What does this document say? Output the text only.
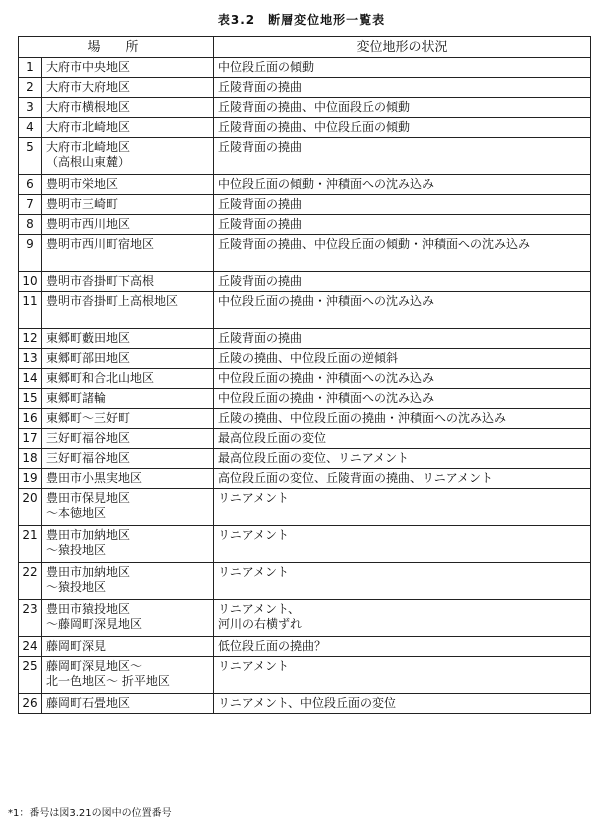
表3.2　断層変位地形一覧表
場　所		変位地形の状況
1	大府市中央地区	中位段丘面の傾動

2	大府市大府地区	丘陵背面の撓曲

3	大府市横根地区	丘陵背面の撓曲、中位面段丘の傾動

4	大府市北崎地区	丘陵背面の撓曲、中位段丘面の傾動

5	大府市北崎地区
（高根山東麓）	丘陵背面の撓曲

6	豊明市栄地区	中位段丘面の傾動・沖積面への沈み込み

7	豊明市三崎町	丘陵背面の撓曲

8	豊明市西川地区	丘陵背面の撓曲

9	豊明市西川町宿地区	丘陵背面の撓曲、中位段丘面の傾動・沖積面への沈み込み

10	豊明市沓掛町下高根	丘陵背面の撓曲

11	豊明市沓掛町上高根地区	中位段丘面の撓曲・沖積面への沈み込み

12	東郷町藪田地区	丘陵背面の撓曲

13	東郷町部田地区	丘陵の撓曲、中位段丘面の逆傾斜

14	東郷町和合北山地区	中位段丘面の撓曲・沖積面への沈み込み

15	東郷町諸輪	中位段丘面の撓曲・沖積面への沈み込み

16	東郷町～三好町	丘陵の撓曲、中位段丘面の撓曲・沖積面への沈み込み

17	三好町福谷地区	最高位段丘面の変位

18	三好町福谷地区	最高位段丘面の変位、リニアメント

19	豊田市小黒実地区	高位段丘面の変位、丘陵背面の撓曲、リニアメント

20	豊田市保見地区
～本徳地区	リニアメント

21	豊田市加納地区
～猿投地区	リニアメント

22	豊田市加納地区
～猿投地区	リニアメント

23	豊田市猿投地区
～藤岡町深見地区	リニアメント、
河川の右横ずれ

24	藤岡町深見	低位段丘面の撓曲？

25	藤岡町深見地区～
北一色地区～ 折平地区	リニアメント

26	藤岡町石畳地区	リニアメント、中位段丘面の変位
*1：番号は図3.21の図中の位置番号
